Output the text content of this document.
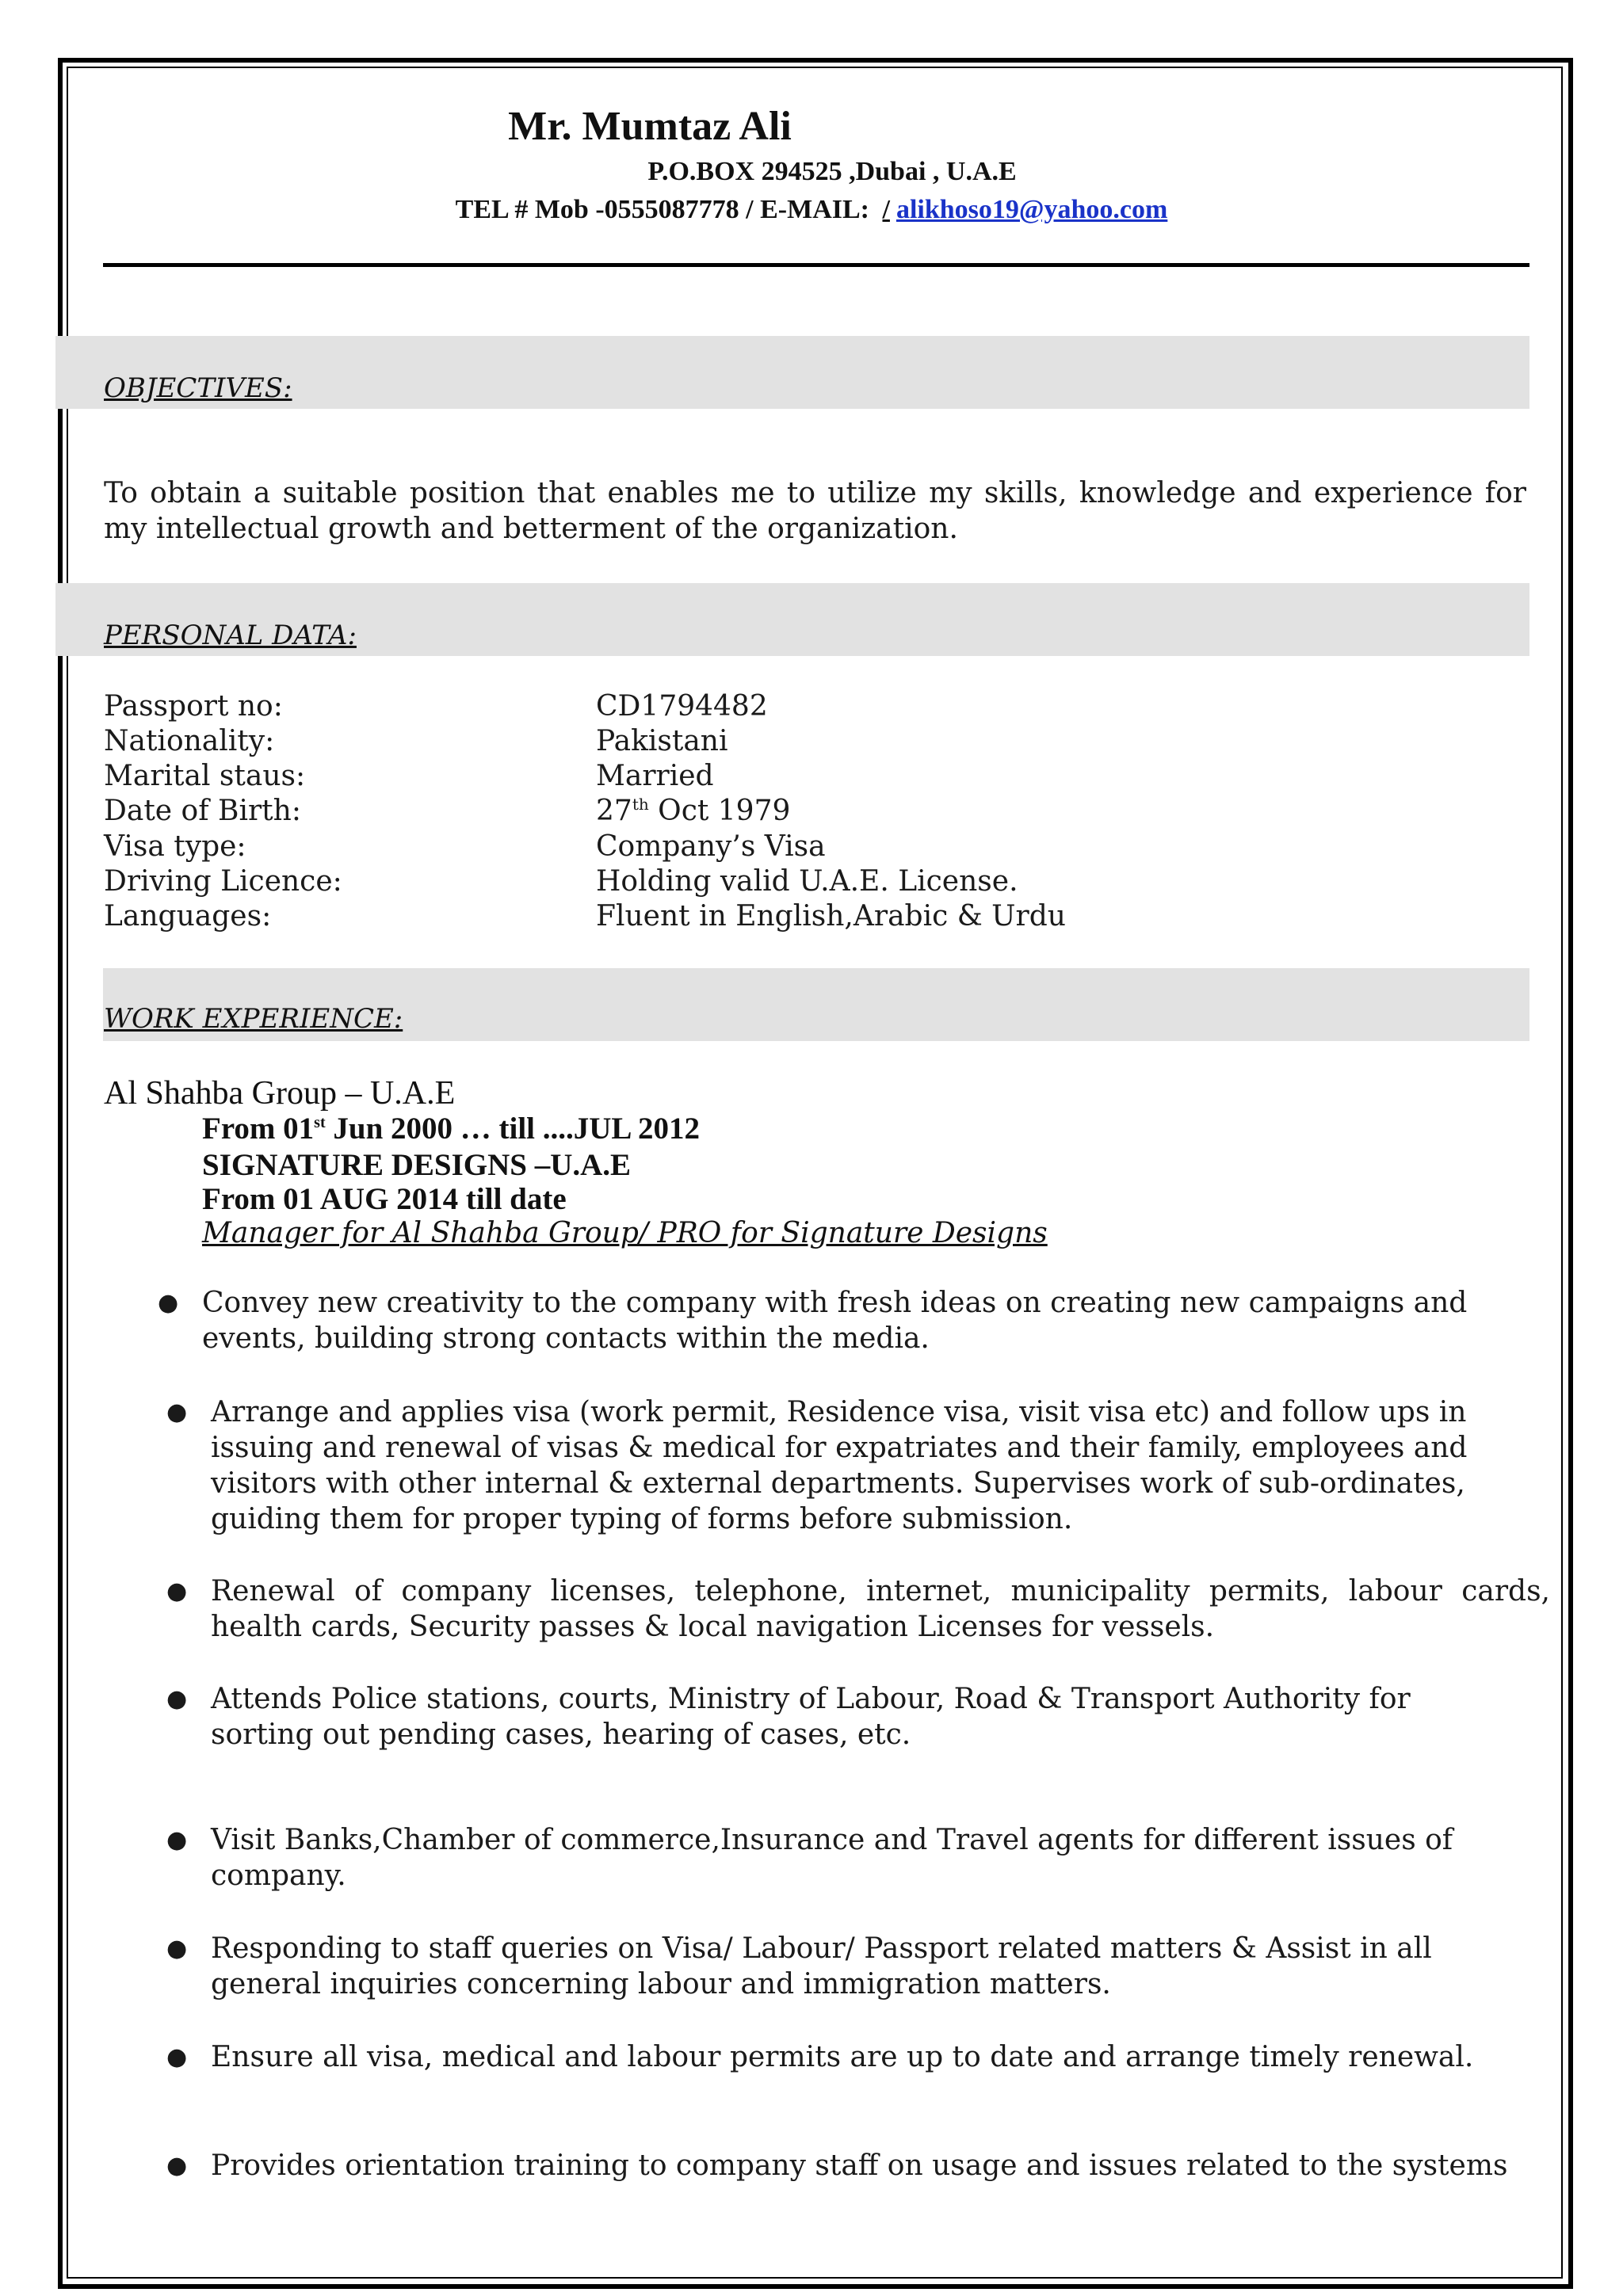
Mr. Mumtaz Ali
P.O.BOX 294525 ,Dubai , U.A.E
TEL # Mob -0555087778 / E-MAIL: / alikhoso19@yahoo.com
OBJECTIVES:
To obtain a suitable position that enables me to utilize my skills, knowledge and experience for my intellectual growth and betterment of the organization.
PERSONAL DATA:
Passport no:	CD1794482
Nationality:	Pakistani
Marital staus:	Married
Date of Birth:	27th Oct 1979
Visa type:	Company’s Visa
Driving Licence:	Holding valid U.A.E. License.
Languages:	Fluent in English,Arabic & Urdu
WORK EXPERIENCE:
Al Shahba Group – U.A.E
From 01st Jun 2000 … till ....JUL 2012
SIGNATURE DESIGNS –U.A.E
From 01 AUG 2014 till date
Manager for Al Shahba Group/ PRO for Signature Designs
● Convey new creativity to the company with fresh ideas on creating new campaigns and events, building strong contacts within the media.
● Arrange and applies visa (work permit, Residence visa, visit visa etc) and follow ups in issuing and renewal of visas & medical for expatriates and their family, employees and visitors with other internal & external departments. Supervises work of sub-ordinates, guiding them for proper typing of forms before submission.
● Renewal of company licenses, telephone, internet, municipality permits, labour cards, health cards, Security passes & local navigation Licenses for vessels.
● Attends Police stations, courts, Ministry of Labour, Road & Transport Authority for sorting out pending cases, hearing of cases, etc.
● Visit Banks,Chamber of commerce,Insurance and Travel agents for different issues of company.
● Responding to staff queries on Visa/ Labour/ Passport related matters & Assist in all general inquiries concerning labour and immigration matters.
● Ensure all visa, medical and labour permits are up to date and arrange timely renewal.
● Provides orientation training to company staff on usage and issues related to the systems
